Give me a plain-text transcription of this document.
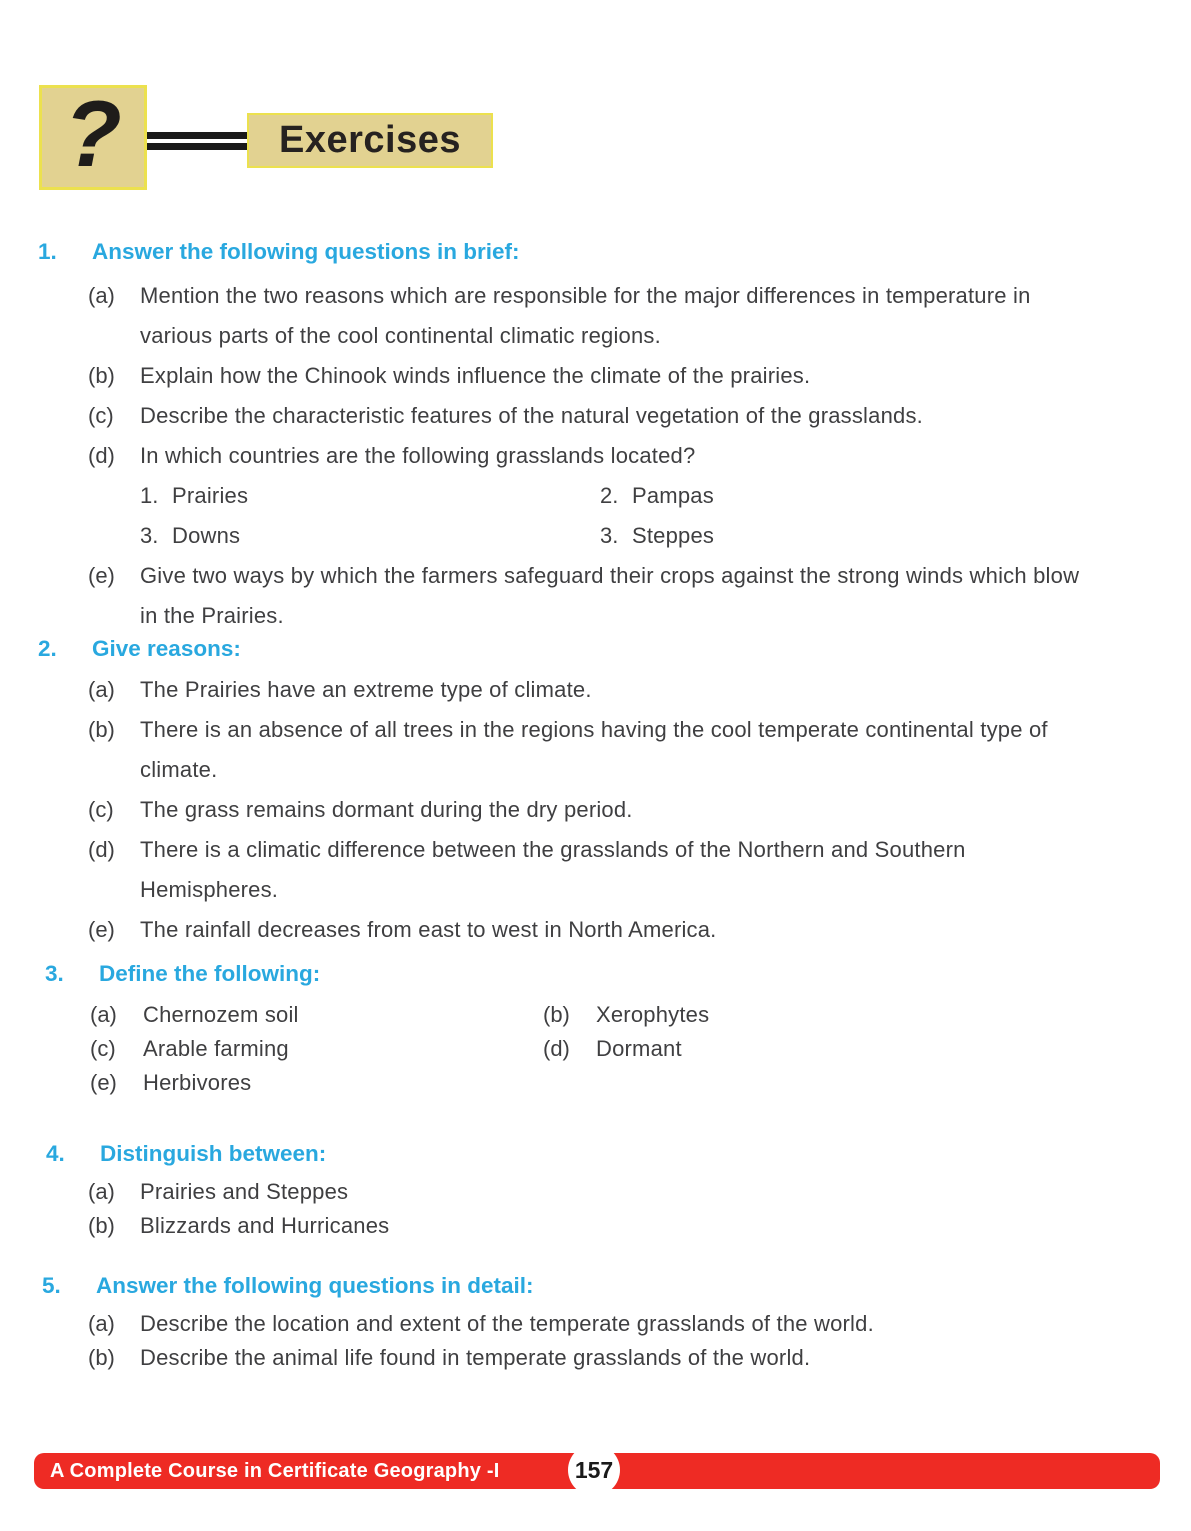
?	Exercises
1.	Answer the following questions in brief:
(a)	Mention the two reasons which are responsible for the major differences in temperature in
various parts of the cool continental climatic regions.
(b)	Explain how the Chinook winds influence the climate of the prairies.
(c)	Describe the characteristic features of the natural vegetation of the grasslands.
(d)	In which countries are the following grasslands located?
1. Prairies	2. Pampas
3. Downs	3. Steppes
(e)	Give two ways by which the farmers safeguard their crops against the strong winds which blow
in the Prairies.
2.	Give reasons:
(a)	The Prairies have an extreme type of climate.
(b)	There is an absence of all trees in the regions having the cool temperate continental type of
climate.
(c)	The grass remains dormant during the dry period.
(d)	There is a climatic difference between the grasslands of the Northern and Southern
Hemispheres.
(e)	The rainfall decreases from east to west in North America.
3.	Define the following:
(a)	Chernozem soil	(b)	Xerophytes
(c)	Arable farming	(d)	Dormant
(e)	Herbivores
4.	Distinguish between:
(a)	Prairies and Steppes
(b)	Blizzards and Hurricanes
5.	Answer the following questions in detail:
(a)	Describe the location and extent of the temperate grasslands of the world.
(b)	Describe the animal life found in temperate grasslands of the world.
A Complete Course in Certificate Geography -I	157
